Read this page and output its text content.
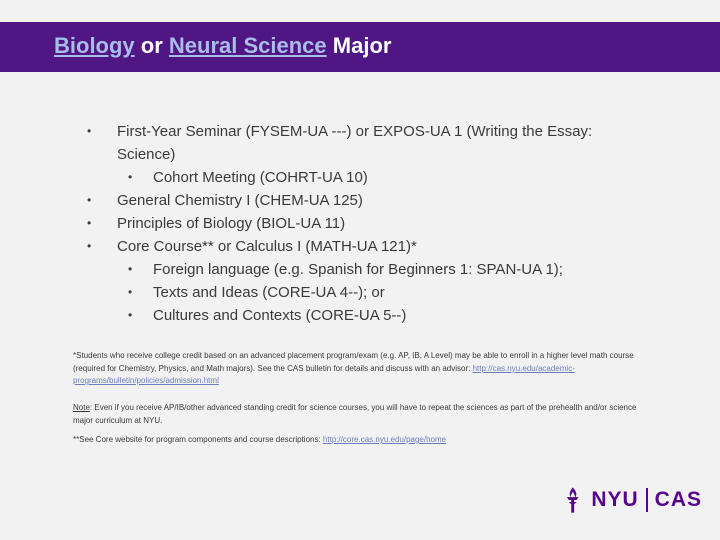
Biology or Neural Science Major
• First-Year Seminar (FYSEM-UA ---) or EXPOS-UA 1 (Writing the Essay: Science)
• Cohort Meeting (COHRT-UA 10)
• General Chemistry I (CHEM-UA 125)
• Principles of Biology (BIOL-UA 11)
• Core Course** or Calculus I (MATH-UA 121)*
• Foreign language (e.g. Spanish for Beginners 1: SPAN-UA 1);
• Texts and Ideas (CORE-UA 4--); or
• Cultures and Contexts (CORE-UA 5--)

*Students who receive college credit based on an advanced placement program/exam (e.g. AP, IB, A Level) may be able to enroll in a higher level math course (required for Chemistry, Physics, and Math majors). See the CAS bulletin for details and discuss with an advisor: http://cas.nyu.edu/academic-programs/bulletin/policies/admission.html

Note: Even if you receive AP/IB/other advanced standing credit for science courses, you will have to repeat the sciences as part of the prehealth and/or science major curriculum at NYU.

**See Core website for program components and course descriptions: http://core.cas.nyu.edu/page/home

NYU CAS
